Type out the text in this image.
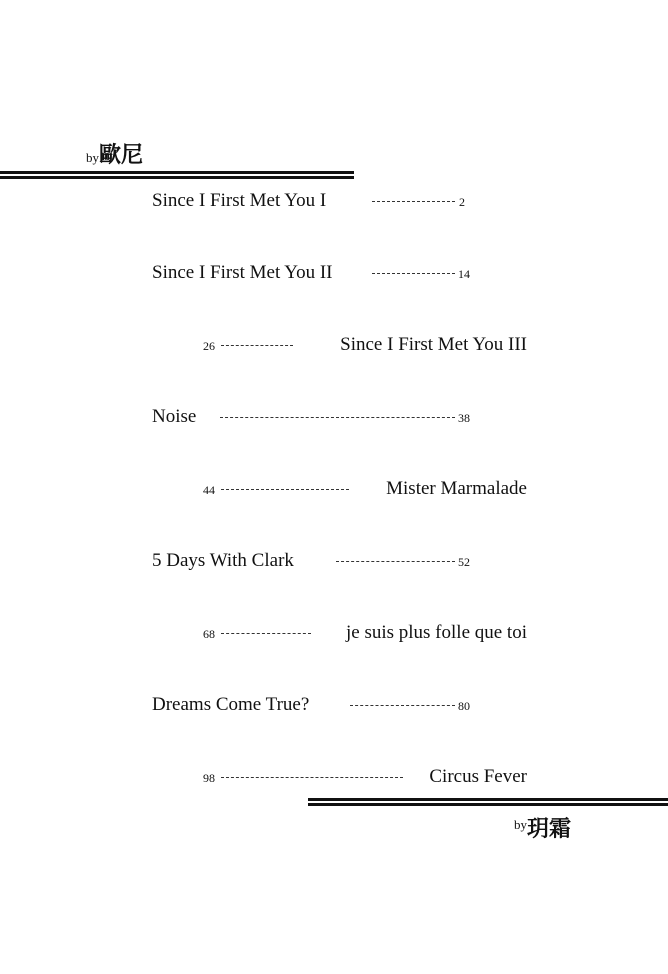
by歐尼
Since I First Met You I	2
Since I First Met You II	14
26	Since I First Met You III
Noise	38
44	Mister Marmalade
5 Days With Clark	52
68	je suis plus folle que toi
Dreams Come True?	80
98	Circus Fever
$^{by}$玥霜
